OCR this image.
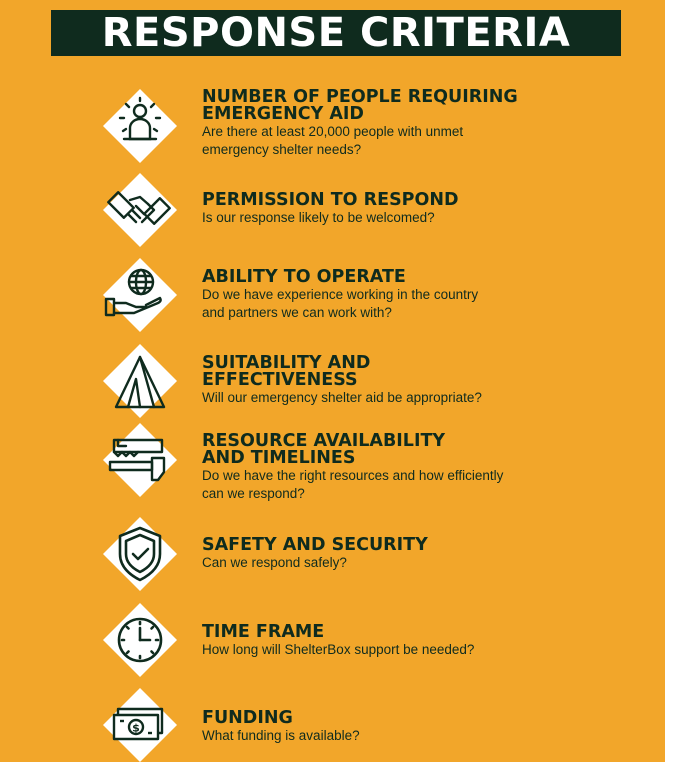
RESPONSE CRITERIA

NUMBER OF PEOPLE REQUIRING

EMERGENCY AID

Are there at least 20,000 people with unmet

emergency shelter needs?

PERMISSION TO RESPOND

Is our response likely to be welcomed?

ABILITY TO OPERATE

Do we have experience working in the country

and partners we can work with?

SUITABILITY AND

EFFECTIVENESS

Will our emergency shelter aid be appropriate?

RESOURCE AVAILABILITY

AND TIMELINES

Do we have the right resources and how efficiently

can we respond?

SAFETY AND SECURITY

Can we respond safely?

TIME FRAME

How long will ShelterBox support be needed?

$	FUNDING

What funding is available?
